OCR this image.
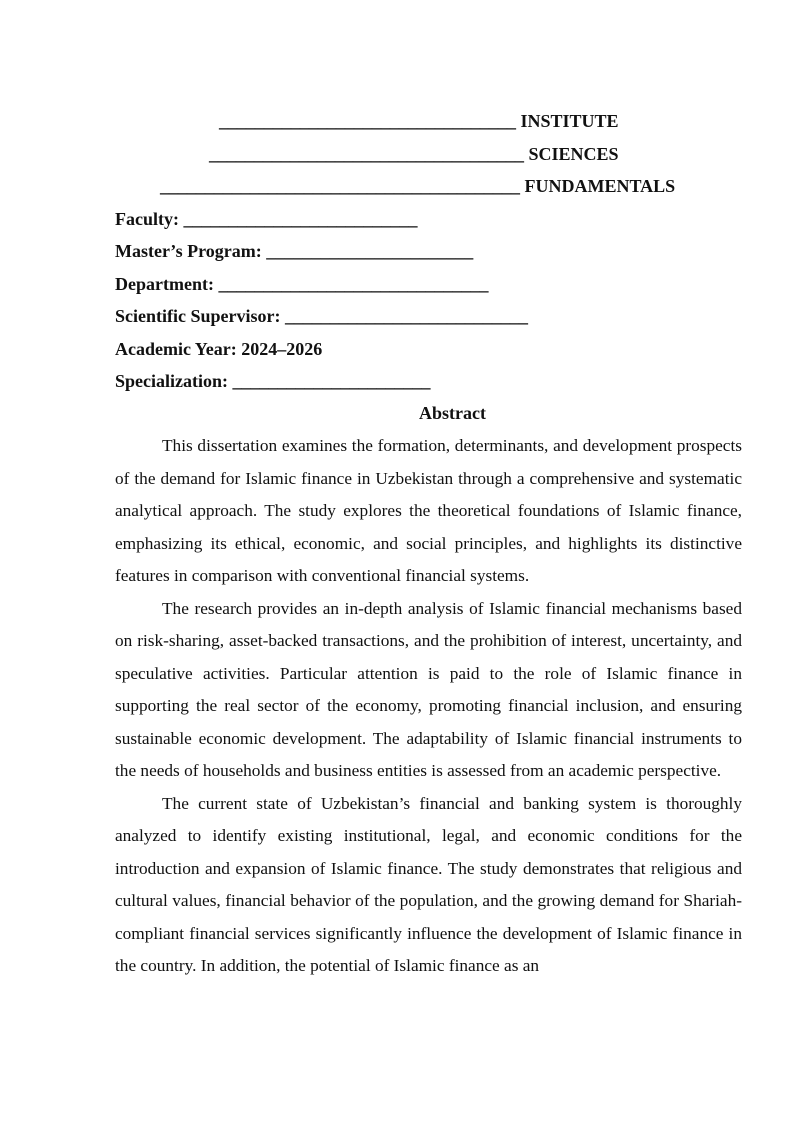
_________________________________ INSTITUTE
___________________________________ SCIENCES
________________________________________ FUNDAMENTALS
Faculty: __________________________
Master’s Program: _______________________
Department: ______________________________
Scientific Supervisor: ___________________________
Academic Year: 2024–2026
Specialization: ______________________
Abstract

This dissertation examines the formation, determinants, and development prospects of the demand for Islamic finance in Uzbekistan through a comprehensive and systematic analytical approach. The study explores the theoretical foundations of Islamic finance, emphasizing its ethical, economic, and social principles, and highlights its distinctive features in comparison with conventional financial systems.

The research provides an in-depth analysis of Islamic financial mechanisms based on risk-sharing, asset-backed transactions, and the prohibition of interest, uncertainty, and speculative activities. Particular attention is paid to the role of Islamic finance in supporting the real sector of the economy, promoting financial inclusion, and ensuring sustainable economic development. The adaptability of Islamic financial instruments to the needs of households and business entities is assessed from an academic perspective.

The current state of Uzbekistan’s financial and banking system is thoroughly analyzed to identify existing institutional, legal, and economic conditions for the introduction and expansion of Islamic finance. The study demonstrates that religious and cultural values, financial behavior of the population, and the growing demand for Shariah-compliant financial services significantly influence the development of Islamic finance in the country. In addition, the potential of Islamic finance as an
